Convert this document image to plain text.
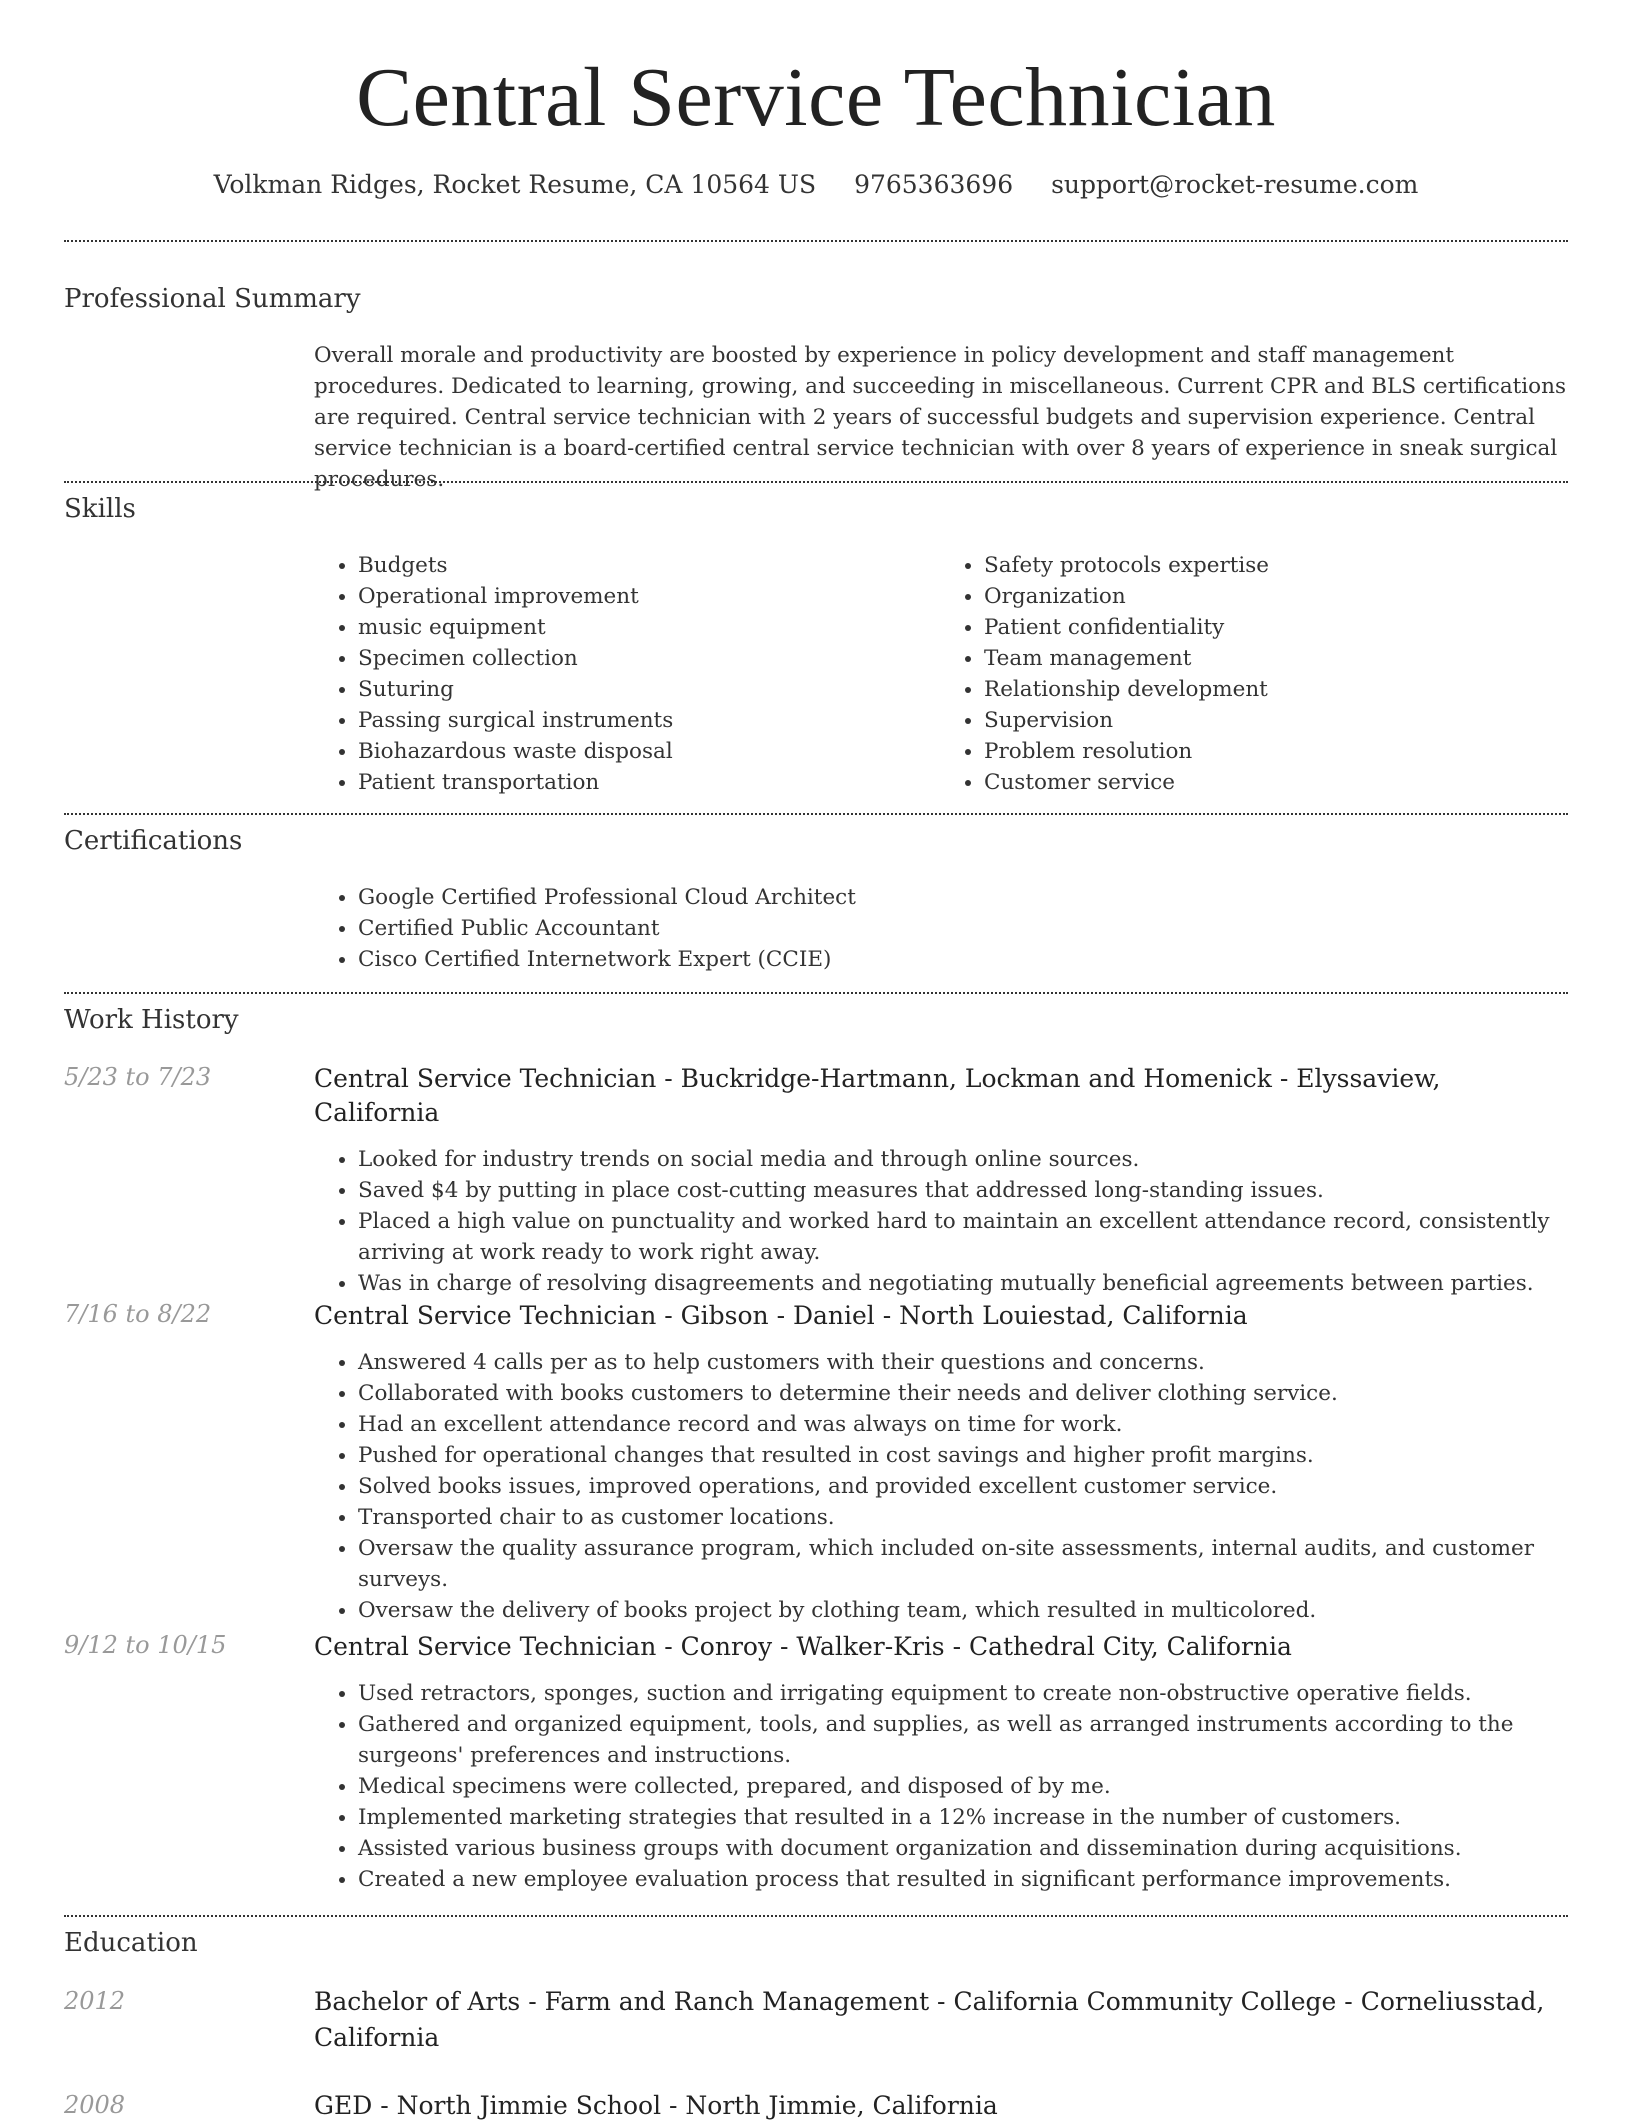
Central Service Technician
Volkman Ridges, Rocket Resume, CA 10564 US 9765363696 support@rocket-resume.com
Professional Summary

Overall morale and productivity are boosted by experience in policy development and staff management procedures. Dedicated to learning, growing, and succeeding in miscellaneous. Current CPR and BLS certifications are required. Central service technician with 2 years of successful budgets and supervision experience. Central service technician is a board-certified central service technician with over 8 years of experience in sneak surgical procedures.

Skills
• Budgets
• Operational improvement
• music equipment
• Specimen collection
• Suturing
• Passing surgical instruments
• Biohazardous waste disposal
• Patient transportation
• Safety protocols expertise
• Organization
• Patient confidentiality
• Team management
• Relationship development
• Supervision
• Problem resolution
• Customer service
Certifications
• Google Certified Professional Cloud Architect
• Certified Public Accountant
• Cisco Certified Internetwork Expert (CCIE)
Work History
5/23 to 7/23	Central Service Technician - Buckridge-Hartmann, Lockman and Homenick - Elyssaview, California
• Looked for industry trends on social media and through online sources.
• Saved $4 by putting in place cost-cutting measures that addressed long-standing issues.
• Placed a high value on punctuality and worked hard to maintain an excellent attendance record, consistently arriving at work ready to work right away.
• Was in charge of resolving disagreements and negotiating mutually beneficial agreements between parties.
7/16 to 8/22	Central Service Technician - Gibson - Daniel - North Louiestad, California
• Answered 4 calls per as to help customers with their questions and concerns.
• Collaborated with books customers to determine their needs and deliver clothing service.
• Had an excellent attendance record and was always on time for work.
• Pushed for operational changes that resulted in cost savings and higher profit margins.
• Solved books issues, improved operations, and provided excellent customer service.
• Transported chair to as customer locations.
• Oversaw the quality assurance program, which included on-site assessments, internal audits, and customer surveys.
• Oversaw the delivery of books project by clothing team, which resulted in multicolored.
9/12 to 10/15	Central Service Technician - Conroy - Walker-Kris - Cathedral City, California
• Used retractors, sponges, suction and irrigating equipment to create non-obstructive operative fields.
• Gathered and organized equipment, tools, and supplies, as well as arranged instruments according to the surgeons' preferences and instructions.
• Medical specimens were collected, prepared, and disposed of by me.
• Implemented marketing strategies that resulted in a 12% increase in the number of customers.
• Assisted various business groups with document organization and dissemination during acquisitions.
• Created a new employee evaluation process that resulted in significant performance improvements.
Education
2012	Bachelor of Arts - Farm and Ranch Management - California Community College - Corneliusstad, California
2008	GED - North Jimmie School - North Jimmie, California
